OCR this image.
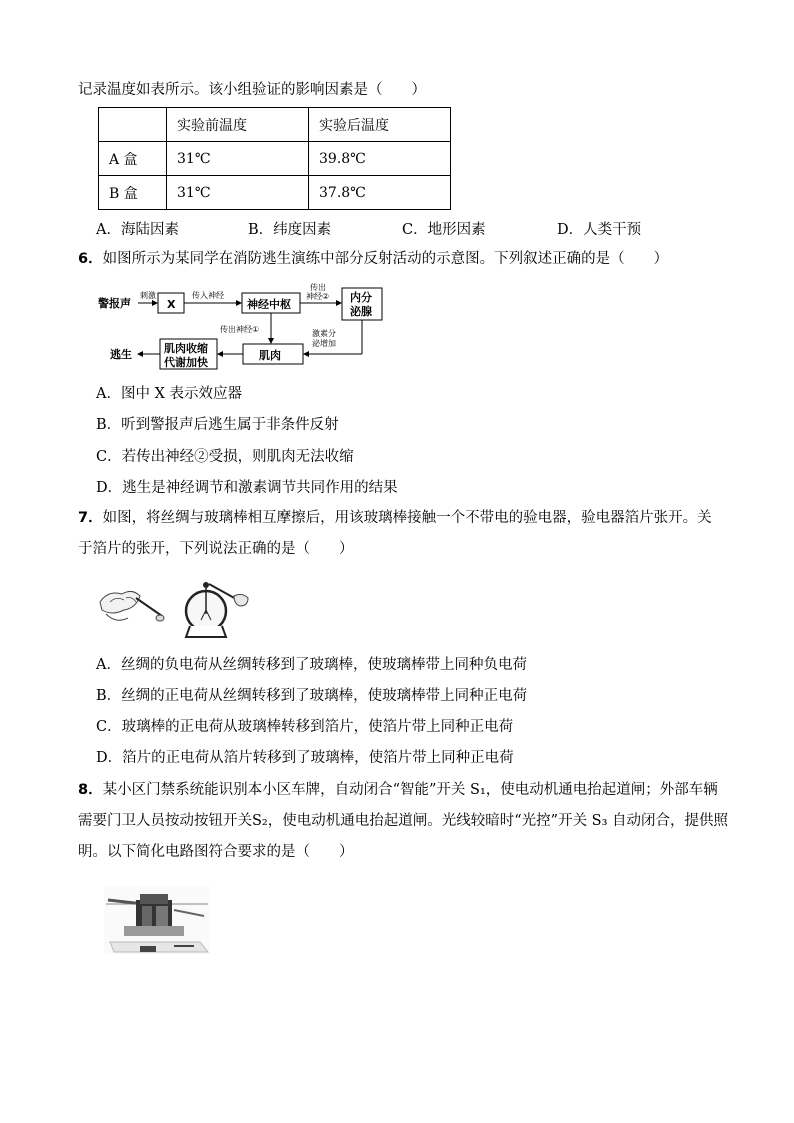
记录温度如表所示。该小组验证的影响因素是（　　）
	实验前温度	实验后温度
A 盒	31℃	39.8℃
B 盒	31℃	37.8℃
A．海陆因素	B．纬度因素	C．地形因素	D．人类干预
6．如图所示为某同学在消防逃生演练中部分反射活动的示意图。下列叙述正确的是（　　）
警报声
刺激
X
传入神经
神经中枢
传出
神经② 内分
泌腺
激素分
泌增加
传出神经①
肌肉
肌肉收缩
代谢加快
逃生
A．图中 X 表示效应器
B．听到警报声后逃生属于非条件反射
C．若传出神经②受损，则肌肉无法收缩
D．逃生是神经调节和激素调节共同作用的结果
7．如图，将丝绸与玻璃棒相互摩擦后，用该玻璃棒接触一个不带电的验电器，验电器箔片张开。关
于箔片的张开，下列说法正确的是（　　）
A．丝绸的负电荷从丝绸转移到了玻璃棒，使玻璃棒带上同种负电荷
B．丝绸的正电荷从丝绸转移到了玻璃棒，使玻璃棒带上同种正电荷
C．玻璃棒的正电荷从玻璃棒转移到箔片，使箔片带上同种正电荷
D．箔片的正电荷从箔片转移到了玻璃棒，使箔片带上同种正电荷
8．某小区门禁系统能识别本小区车牌，自动闭合“智能”开关 S₁，使电动机通电抬起道闸；外部车辆
需要门卫人员按动按钮开关S₂，使电动机通电抬起道闸。光线较暗时“光控”开关 S₃ 自动闭合，提供照
明。以下简化电路图符合要求的是（　　）
